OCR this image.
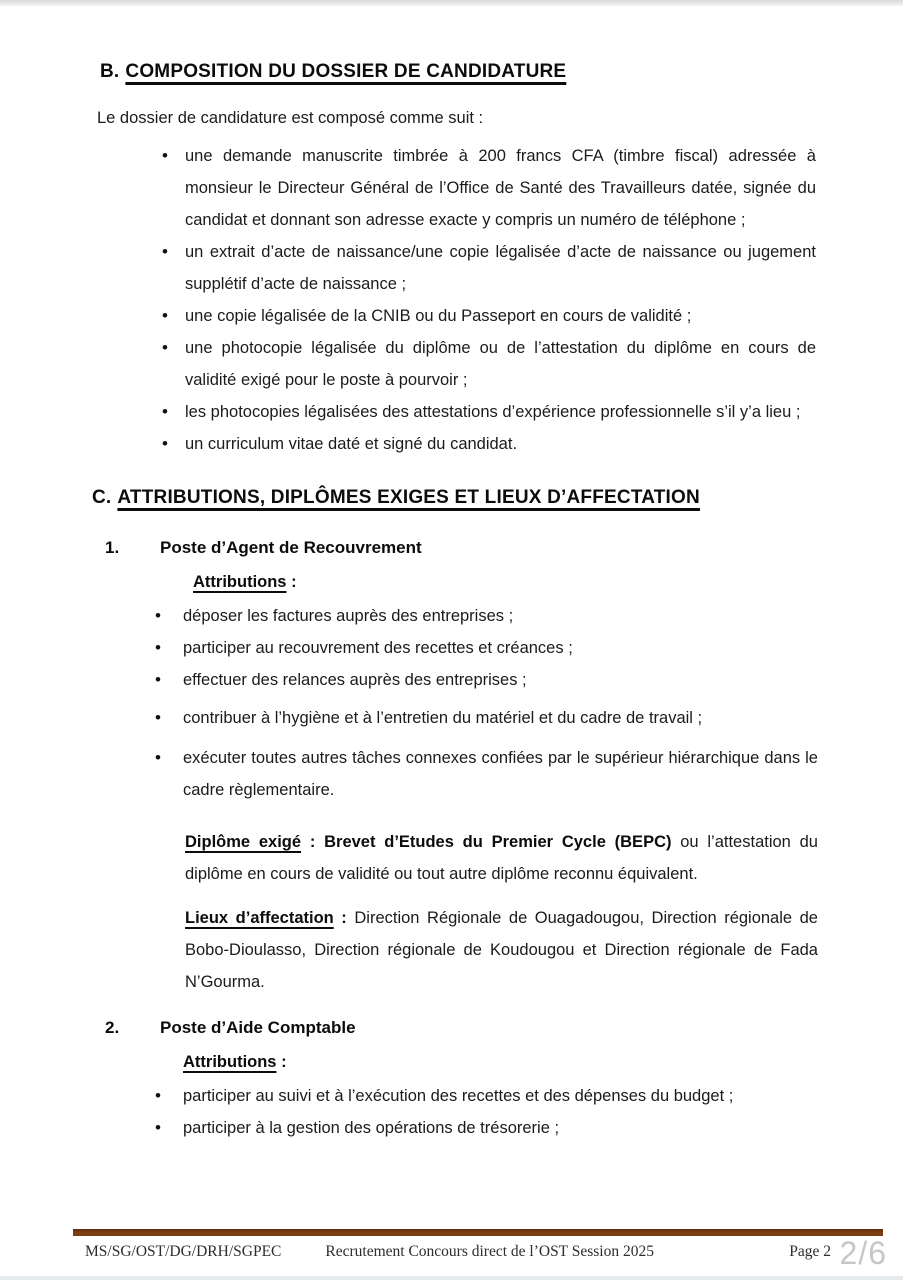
B. COMPOSITION DU DOSSIER DE CANDIDATURE

Le dossier de candidature est composé comme suit :

• une demande manuscrite timbrée à 200 francs CFA (timbre fiscal) adressée à monsieur le Directeur Général de l’Office de Santé des Travailleurs datée, signée du candidat et donnant son adresse exacte y compris un numéro de téléphone ;
• un extrait d’acte de naissance/une copie légalisée d’acte de naissance ou jugement supplétif d’acte de naissance ;
• une copie légalisée de la CNIB ou du Passeport en cours de validité ;
• une photocopie légalisée du diplôme ou de l’attestation du diplôme en cours de validité exigé pour le poste à pourvoir ;
• les photocopies légalisées des attestations d’expérience professionnelle s’il y’a lieu ;
• un curriculum vitae daté et signé du candidat.
C. ATTRIBUTIONS, DIPLÔMES EXIGES ET LIEUX D’AFFECTATION
1.	Poste d’Agent de Recouvrement
Attributions :
• déposer les factures auprès des entreprises ;
• participer au recouvrement des recettes et créances ;
• effectuer des relances auprès des entreprises ;
• contribuer à l’hygiène et à l’entretien du matériel et du cadre de travail ;
• exécuter toutes autres tâches connexes confiées par le supérieur hiérarchique dans le cadre règlementaire.

Diplôme exigé : Brevet d’Etudes du Premier Cycle (BEPC) ou l’attestation du diplôme en cours de validité ou tout autre diplôme reconnu équivalent.

Lieux d’affectation : Direction Régionale de Ouagadougou, Direction régionale de Bobo-Dioulasso, Direction régionale de Koudougou et Direction régionale de Fada N’Gourma.

2.	Poste d’Aide Comptable
Attributions :
• participer au suivi et à l’exécution des recettes et des dépenses du budget ;
• participer à la gestion des opérations de trésorerie ;
MS/SG/OST/DG/DRH/SGPEC	Recrutement Concours direct de l’OST Session 2025	Page 2 2/6
